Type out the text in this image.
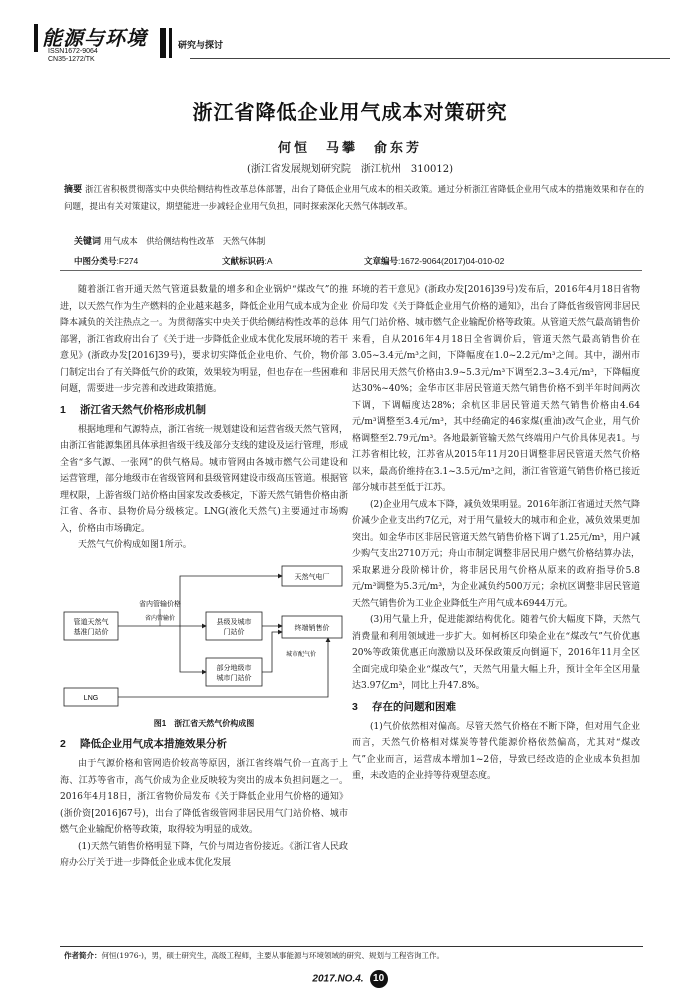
能源与环境
ISSN1672-9064
CN35-1272/TK
研究与探讨
浙江省降低企业用气成本对策研究
何恒　马攀　俞东芳
(浙江省发展规划研究院　浙江杭州　310012)
摘要 浙江省积极贯彻落实中央供给侧结构性改革总体部署，出台了降低企业用气成本的相关政策。通过分析浙江省降低企业用气成本的措施效果和存在的问题，提出有关对策建议，期望能进一步减轻企业用气负担，同时探索深化天然气体制改革。
关键词 用气成本　供给侧结构性改革　天然气体制
中图分类号:F274	文献标识码:A	文章编号:1672-9064(2017)04-010-02

随着浙江省开通天然气管道县数量的增多和企业锅炉“煤改气”的推进，以天然气作为生产燃料的企业越来越多，降低企业用气成本成为企业降本减负的关注热点之一。为贯彻落实中央关于供给侧结构性改革的总体部署，浙江省政府出台了《关于进一步降低企业成本优化发展环境的若干意见》(浙政办发[2016]39号)，要求切实降低企业电价、气价，物价部门制定出台了有关降低气价的政策，效果较为明显，但也存在一些困难和问题，需要进一步完善和改进政策措施。

1 浙江省天然气价格形成机制

根据地理和气源特点，浙江省统一规划建设和运营省级天然气管网，由浙江省能源集团具体承担省级干线及部分支线的建设及运行管理，形成全省“多气源、一张网”的供气格局。城市管网由各城市燃气公司建设和运营管理，部分地级市在省级管网和县级管网建设市级高压管道。根据管理权限，上游省级门站价格由国家发改委核定，下游天然气销售价格由浙江省、各市、县物价局分级核定。LNG(液化天然气)主要通过市场购入，价格由市场确定。

天然气气价构成如图1所示。

管道天然气
基准门站价
县级及城市
门站价
部分地级市
城市门站价
天然气电厂
终端销售价
LNG
省内管输价格
省内管输价
城市配气价

图1　浙江省天然气价构成图

2 降低企业用气成本措施效果分析

由于气源价格和管网造价较高等原因，浙江省终端气价一直高于上海、江苏等省市，高气价成为企业反映较为突出的成本负担问题之一。2016年4月18日，浙江省物价局发布《关于降低企业用气价格的通知》(浙价资[2016]67号)，出台了降低省级管网非居民用气门站价格、城市燃气企业输配价格等政策，取得较为明显的成效。

(1)天然气销售价格明显下降，气价与周边省份接近。《浙江省人民政府办公厅关于进一步降低企业成本优化发展

环境的若干意见》(浙政办发[2016]39号)发布后，2016年4月18日省物价局印发《关于降低企业用气价格的通知》，出台了降低省级管网非居民用气门站价格、城市燃气企业输配价格等政策。从管道天然气最高销售价来看，自从2016年4月18日全省调价后，管道天然气最高销售价在3.05~3.4元/m³之间，下降幅度在1.0~2.2元/m³之间。其中，湖州市非居民用天然气价格由3.9~5.3元/m³下调至2.3~3.4元/m³，下降幅度达30%~40%；金华市区非居民管道天然气销售价格不到半年时间两次下调，下调幅度达28%；余杭区非居民管道天然气销售价格由4.64元/m³调整至3.4元/m³，其中经确定的46家煤(重油)改气企业，用气价格调整至2.79元/m³。各地最新管输天然气终端用户气价具体见表1。与江苏省相比较，江苏省从2015年11月20日调整非居民管道天然气价格以来，最高价维持在3.1~3.5元/m³之间，浙江省管道气销售价格已接近部分城市甚至低于江苏。

(2)企业用气成本下降，减负效果明显。2016年浙江省通过天然气降价减少企业支出约7亿元，对于用气量较大的城市和企业，减负效果更加突出。如金华市区非居民管道天然气销售价格下调了1.25元/m³，用户减少购气支出2710万元；舟山市制定调整非居民用户燃气价格结算办法，采取累进分段阶梯计价，将非居民用气价格从原来的政府指导价5.8元/m³调整为5.3元/m³，为企业减负约500万元；余杭区调整非居民管道天然气销售价为工业企业降低生产用气成本6944万元。

(3)用气量上升，促进能源结构优化。随着气价大幅度下降，天然气消费量和利用领域进一步扩大。如柯桥区印染企业在“煤改气”气价优惠20%等政策优惠正向激励以及环保政策反向倒逼下，2016年11月全区全面完成印染企业“煤改气”，天然气用量大幅上升，预计全年全区用量达3.97亿m³，同比上升47.8%。

3 存在的问题和困难

(1)气价依然相对偏高。尽管天然气价格在不断下降，但对用气企业而言，天然气价格相对煤炭等替代能源价格依然偏高，尤其对“煤改气”企业而言，运营成本增加1~2倍，导致已经改造的企业成本负担加重，未改造的企业持等待观望态度。

作者简介：何恒(1976-)，男，硕士研究生，高级工程师，主要从事能源与环境领域的研究、规划与工程咨询工作。
2017.NO.4. 10
